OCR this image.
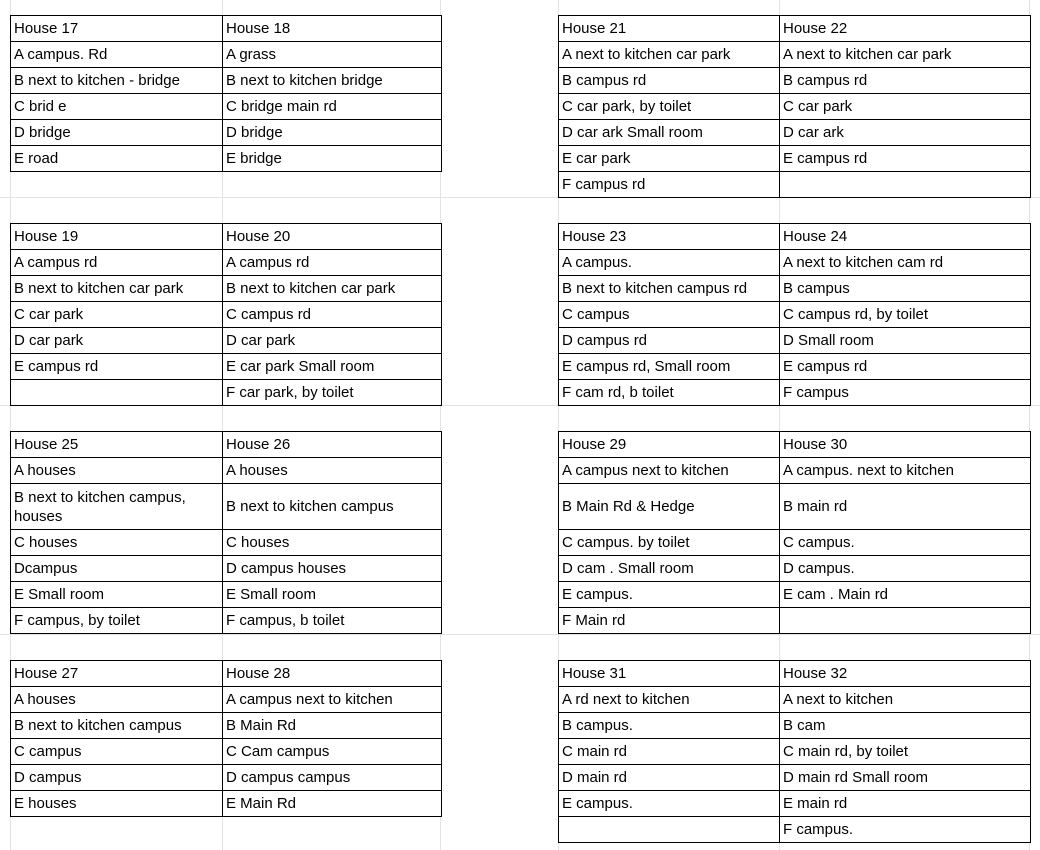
House 17	House 18
A campus. Rd	A grass
B next to kitchen - bridge	B next to kitchen bridge
C brid e	C bridge main rd
D bridge	D bridge
E road	E bridge
House 21	House 22
A next to kitchen car park	A next to kitchen car park
B campus rd	B campus rd
C car park, by toilet	C car park
D car ark Small room	D car ark
E car park	E campus rd
F campus rd	
House 19	House 20
A campus rd	A campus rd
B next to kitchen car park	B next to kitchen car park
C car park	C campus rd
D car park	D car park
E campus rd	E car park Small room
	F car park, by toilet
House 23	House 24
A campus.	A next to kitchen cam rd
B next to kitchen campus rd	B campus
C campus	C campus rd, by toilet
D campus rd	D Small room
E campus rd, Small room	E campus rd
F cam rd, b toilet	F campus
House 25	House 26
A houses	A houses
B next to kitchen campus, houses	B next to kitchen campus
C houses	C houses
Dcampus	D campus houses
E Small room	E Small room
F campus, by toilet	F campus, b toilet
House 29	House 30
A campus next to kitchen	A campus. next to kitchen
B Main Rd & Hedge	B main rd
C campus. by toilet	C campus.
D cam . Small room	D campus.
E campus.	E cam . Main rd
F Main rd	
House 27	House 28
A houses	A campus next to kitchen
B next to kitchen campus	B Main Rd
C campus	C Cam campus
D campus	D campus campus
E houses	E Main Rd
House 31	House 32
A rd next to kitchen	A next to kitchen
B campus.	B cam
C main rd	C main rd, by toilet
D main rd	D main rd Small room
E campus.	E main rd
	F campus.
